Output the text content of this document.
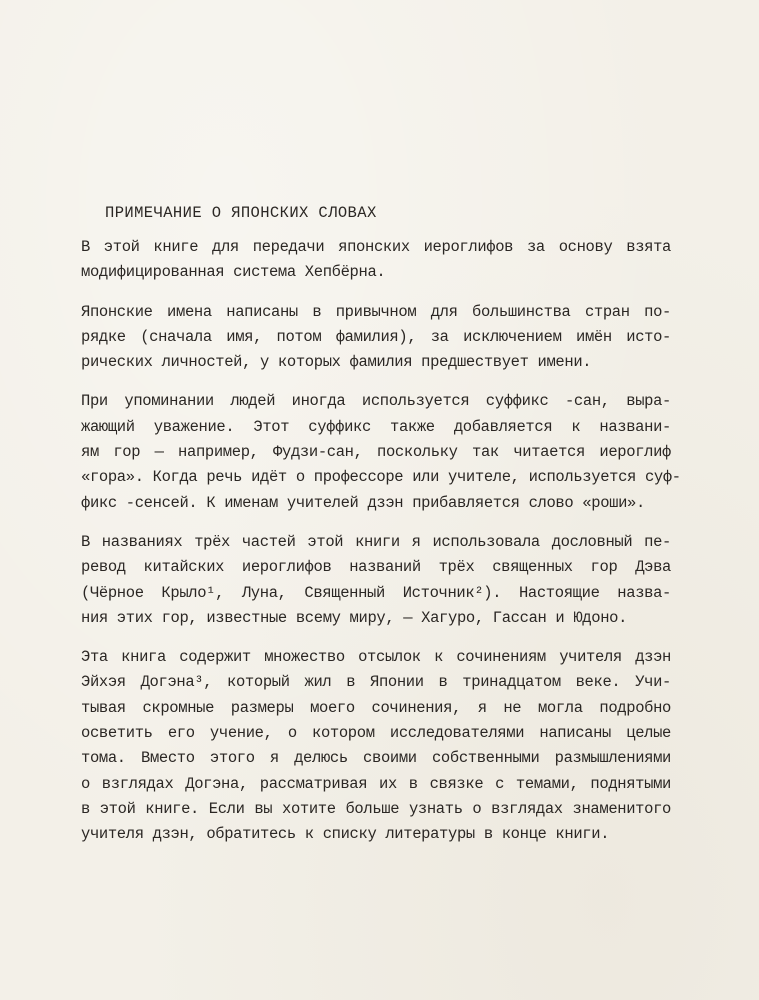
ПРИМЕЧАНИЕ О ЯПОНСКИХ СЛОВАХ

В этой книге для передачи японских иероглифов за основу взята
модифицированная система Хепбёрна.

Японские имена написаны в привычном для большинства стран по-
рядке (сначала имя, потом фамилия), за исключением имён исто-
рических личностей, у которых фамилия предшествует имени.

При упоминании людей иногда используется суффикс -сан, выра-
жающий уважение. Этот суффикс также добавляется к названи-
ям гор — например, Фудзи-сан, поскольку так читается иероглиф
«гора». Когда речь идёт о профессоре или учителе, используется суф-
фикс -сенсей. К именам учителей дзэн прибавляется слово «роши».

В названиях трёх частей этой книги я использовала дословный пе-
ревод китайских иероглифов названий трёх священных гор Дэва
(Чёрное Крыло¹, Луна, Священный Источник²). Настоящие назва-
ния этих гор, известные всему миру, — Хагуро, Гассан и Юдоно.

Эта книга содержит множество отсылок к сочинениям учителя дзэн
Эйхэя Догэна³, который жил в Японии в тринадцатом веке. Учи-
тывая скромные размеры моего сочинения, я не могла подробно
осветить его учение, о котором исследователями написаны целые
тома. Вместо этого я делюсь своими собственными размышлениями
о взглядах Догэна, рассматривая их в связке с темами, поднятыми
в этой книге. Если вы хотите больше узнать о взглядах знаменитого
учителя дзэн, обратитесь к списку литературы в конце книги.
